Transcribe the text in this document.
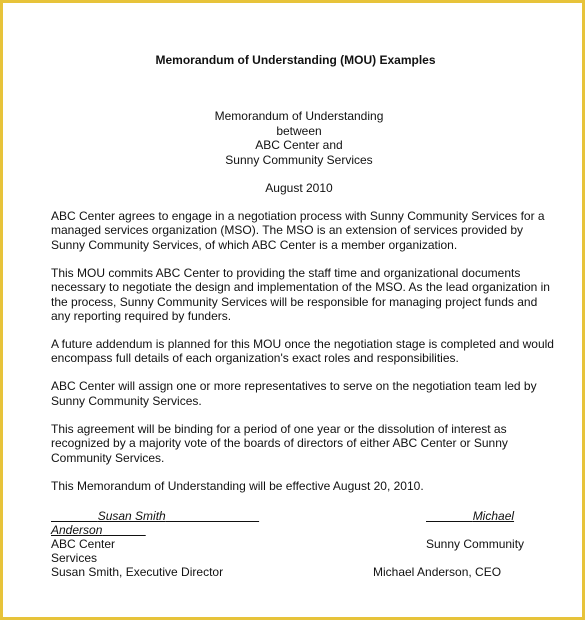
Memorandum of Understanding (MOU) Examples
Memorandum of Understanding
between
ABC Center and
Sunny Community Services
August 2010

ABC Center agrees to engage in a negotiation process with Sunny Community Services for a managed services organization (MSO). The MSO is an extension of services provided by Sunny Community Services, of which ABC Center is a member organization.

This MOU commits ABC Center to providing the staff time and organizational documents necessary to negotiate the design and implementation of the MSO. As the lead organization in the process, Sunny Community Services will be responsible for managing project funds and any reporting required by funders.

A future addendum is planned for this MOU once the negotiation stage is completed and would encompass full details of each organization's exact roles and responsibilities.

ABC Center will assign one or more representatives to serve on the negotiation team led by Sunny Community Services.

This agreement will be binding for a period of one year or the dissolution of interest as recognized by a majority vote of the boards of directors of either ABC Center or Sunny Community Services.

This Memorandum of Understanding will be effective August 20, 2010.

Susan Smith
Anderson
ABC Center
Services
Susan Smith, Executive Director
Michael
Sunny Community
Michael Anderson, CEO
